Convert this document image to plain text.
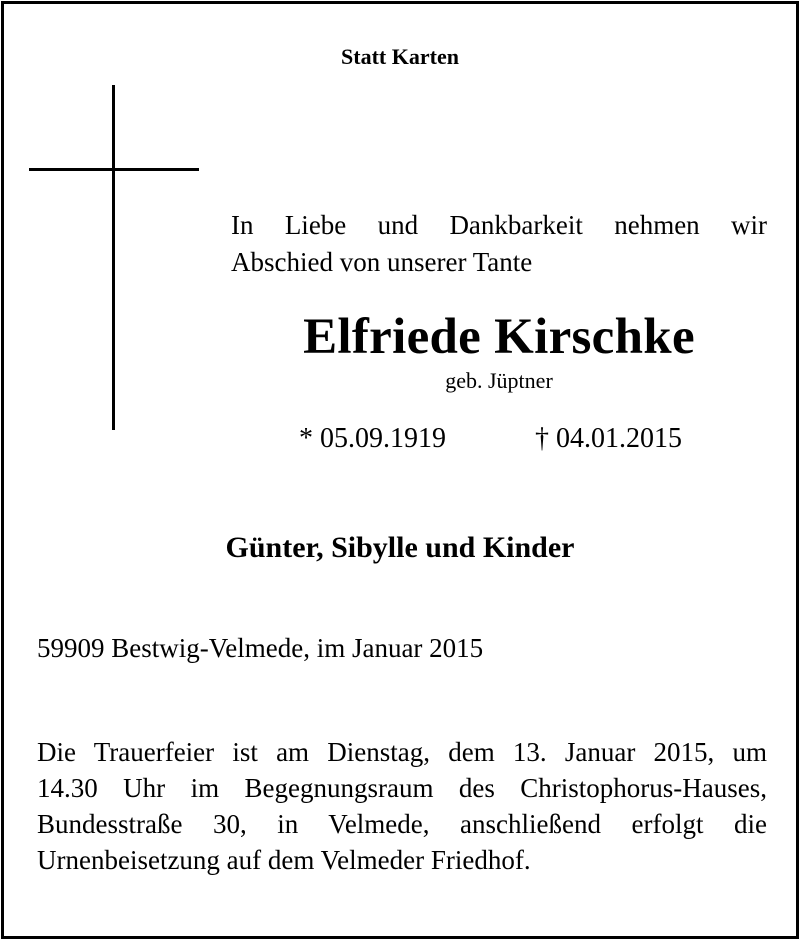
Statt Karten
In Liebe und Dankbarkeit nehmen wir
Abschied von unserer Tante
Elfriede Kirschke
geb. Jüptner
* 05.09.1919	† 04.01.2015
Günter, Sibylle und Kinder
59909 Bestwig-Velmede, im Januar 2015
Die Trauerfeier ist am Dienstag, dem 13. Januar 2015, um
14.30 Uhr im Begegnungsraum des Christophorus-Hauses,
Bundesstraße 30, in Velmede, anschließend erfolgt die
Urnenbeisetzung auf dem Velmeder Friedhof.
